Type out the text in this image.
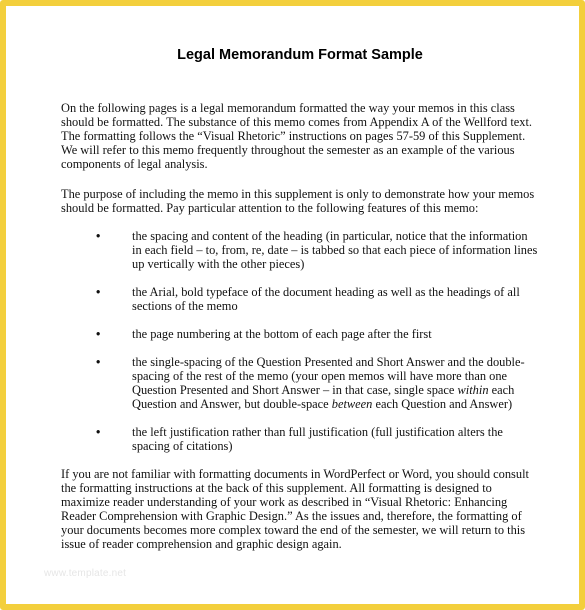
Legal Memorandum Format Sample

On the following pages is a legal memorandum formatted the way your memos in this class should be formatted. The substance of this memo comes from Appendix A of the Wellford text. The formatting follows the “Visual Rhetoric” instructions on pages 57-59 of this Supplement. We will refer to this memo frequently throughout the semester as an example of the various components of legal analysis.

The purpose of including the memo in this supplement is only to demonstrate how your memos should be formatted. Pay particular attention to the following features of this memo:

•	the spacing and content of the heading (in particular, notice that the information in each field – to, from, re, date – is tabbed so that each piece of information lines up vertically with the other pieces)
•	the Arial, bold typeface of the document heading as well as the headings of all sections of the memo
•	the page numbering at the bottom of each page after the first
•	the single-spacing of the Question Presented and Short Answer and the double-spacing of the rest of the memo (your open memos will have more than one Question Presented and Short Answer – in that case, single space within each Question and Answer, but double-space between each Question and Answer)
•	the left justification rather than full justification (full justification alters the spacing of citations)

If you are not familiar with formatting documents in WordPerfect or Word, you should consult the formatting instructions at the back of this supplement. All formatting is designed to maximize reader understanding of your work as described in “Visual Rhetoric: Enhancing Reader Comprehension with Graphic Design.” As the issues and, therefore, the formatting of your documents becomes more complex toward the end of the semester, we will return to this issue of reader comprehension and graphic design again.

www.template.net
